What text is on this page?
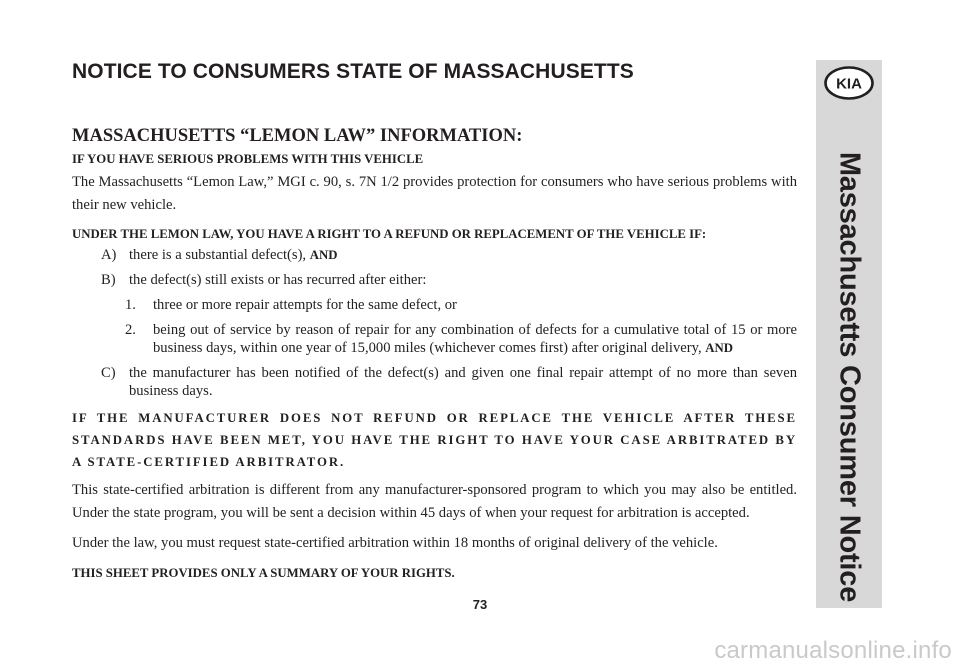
NOTICE TO CONSUMERS STATE OF MASSACHUSETTS
KIA
Massachusetts Consumer Notice

MASSACHUSETTS “LEMON LAW” INFORMATION:

IF YOU HAVE SERIOUS PROBLEMS WITH THIS VEHICLE

The Massachusetts “Lemon Law,” MGI c. 90, s. 7N 1/2 provides protection for consumers who have serious problems with their new vehicle.

UNDER THE LEMON LAW, YOU HAVE A RIGHT TO A REFUND OR REPLACEMENT OF THE VEHICLE IF:

A) there is a substantial defect(s), AND
B) the defect(s) still exists or has recurred after either:
1.	three or more repair attempts for the same defect, or
2.	being out of service by reason of repair for any combination of defects for a cumulative total of 15 or more business days, within one year of 15,000 miles (whichever comes first) after original delivery, AND
C) the manufacturer has been notified of the defect(s) and given one final repair attempt of no more than seven business days.

IF THE MANUFACTURER DOES NOT REFUND OR REPLACE THE VEHICLE AFTER THESE STANDARDS HAVE BEEN MET, YOU HAVE THE RIGHT TO HAVE YOUR CASE ARBITRATED BY A STATE-CERTIFIED ARBITRATOR.

This state-certified arbitration is different from any manufacturer-sponsored program to which you may also be entitled. Under the state program, you will be sent a decision within 45 days of when your request for arbitration is accepted.

Under the law, you must request state-certified arbitration within 18 months of original delivery of the vehicle.

THIS SHEET PROVIDES ONLY A SUMMARY OF YOUR RIGHTS.

73
carmanualsonline.info
